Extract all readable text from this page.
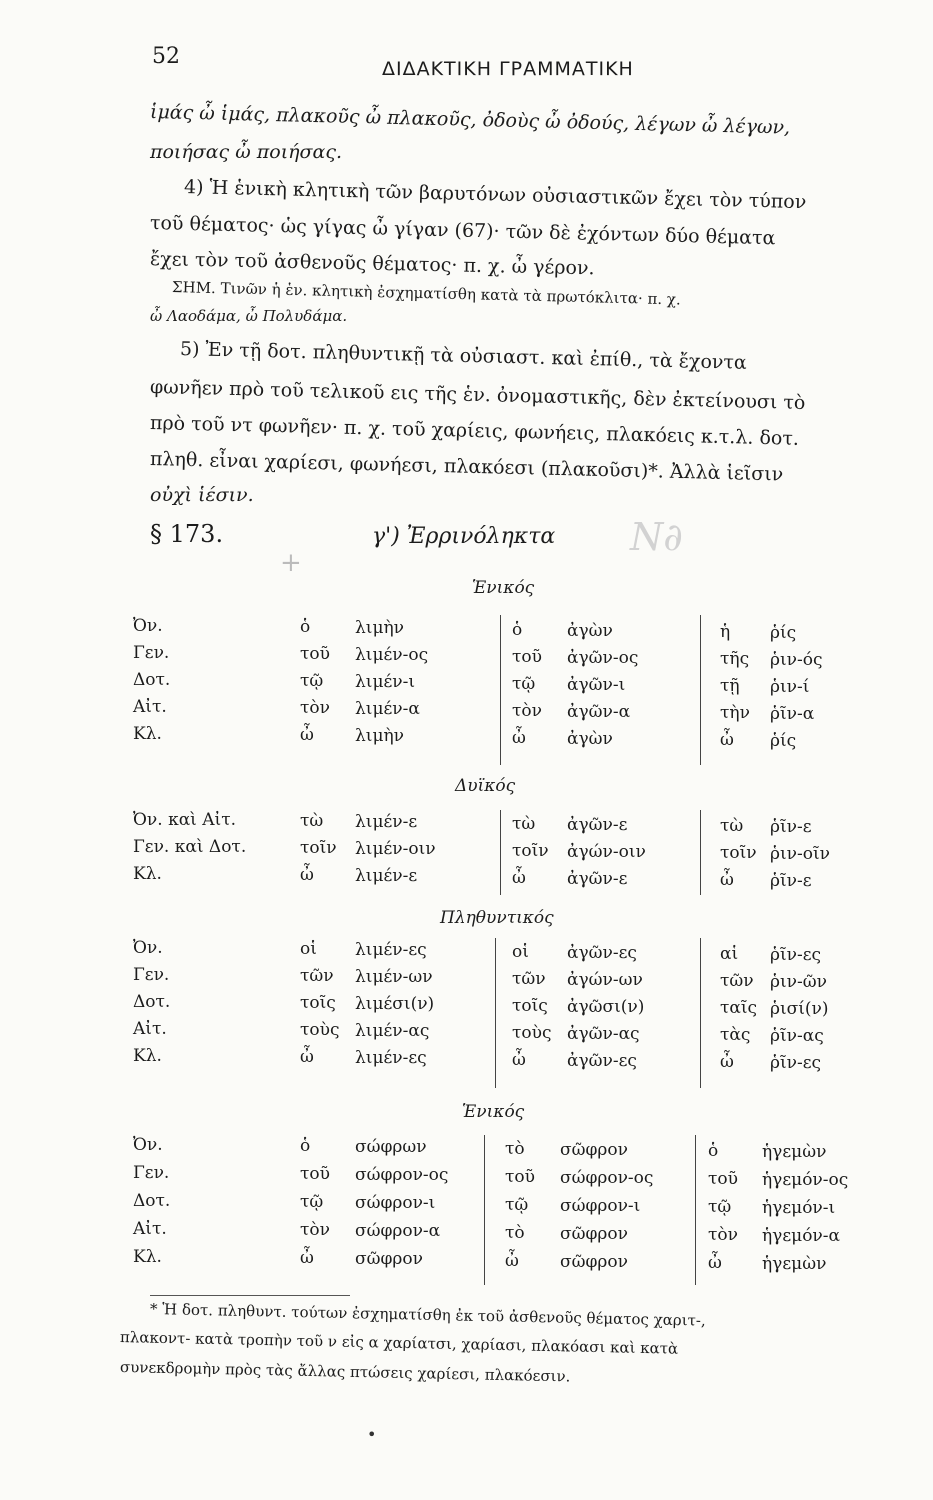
52	ΔΙΔΑΚΤΙΚΗ ΓΡΑΜΜΑΤΙΚΗ
ἱμάς ὦ ἱμάς, πλακοῦς ὦ πλακοῦς, ὀδοὺς ὦ ὀδούς, λέγων ὦ λέγων,
ποιήσας ὦ ποιήσας.
4) Ἡ ἑνικὴ κλητικὴ τῶν βαρυτόνων οὐσιαστικῶν ἔχει τὸν τύπον
τοῦ θέματος· ὡς γίγας ὦ γίγαν (67)· τῶν δὲ ἐχόντων δύο θέματα
ἔχει τὸν τοῦ ἀσθενοῦς θέματος· π. χ. ὦ γέρον.
ΣΗΜ. Τινῶν ἡ ἑν. κλητικὴ ἐσχηματίσθη κατὰ τὰ πρωτόκλιτα· π. χ.
ὦ Λαοδάμα, ὦ Πολυδάμα.
5) Ἐν τῇ δοτ. πληθυντικῇ τὰ οὐσιαστ. καὶ ἐπίθ., τὰ ἔχοντα
φωνῆεν πρὸ τοῦ τελικοῦ εις τῆς ἑν. ὀνομαστικῆς, δὲν ἐκτείνουσι τὸ
πρὸ τοῦ ντ φωνῆεν· π. χ. τοῦ χαρίεις, φωνήεις, πλακόεις κ.τ.λ. δοτ.
πληθ. εἶναι χαρίεσι, φωνήεσι, πλακόεσι (πλακοῦσι)*. Ἀλλὰ ἱεῖσιν
οὐχὶ ἱέσιν.
Ν∂
+
§ 173.	γ') Ἐρρινόληκτα
Ἑνικός
Δυϊκός
Πληθυντικός
Ἑνικός
Ὀν.	ὁ	λιμὴν	ὁ	ἀγὼν	ἡ ῥίς
Γεν.	τοῦ λιμέν-ος	τοῦ ἀγῶν-ος	τῆς ῥιν-ός
Δοτ.	τῷ λιμέν-ι	τῷ ἀγῶν-ι	τῇ ῥιν-ί
Αἰτ.	τὸν λιμέν-α	τὸν ἀγῶν-α	τὴν ῥῖν-α
Κλ.	ὦ λιμὴν	ὦ ἀγὼν	ὦ ῥίς
Ὀν. καὶ Αἰτ.	τὼ λιμέν-ε	τὼ ἀγῶν-ε	τὼ ῥῖν-ε
Γεν. καὶ Δοτ.	τοῖν λιμέν-οιν	τοῖν ἀγών-οιν	τοῖν ῥιν-οῖν
Κλ.	ὦ λιμέν-ε	ὦ ἀγῶν-ε	ὦ ῥῖν-ε
Ὀν.	οἱ λιμέν-ες	οἱ ἀγῶν-ες	αἱ ῥῖν-ες
Γεν.	τῶν λιμέν-ων	τῶν ἀγών-ων	τῶν ῥιν-ῶν
Δοτ.	τοῖς λιμέσι(ν)	τοῖς ἀγῶσι(ν)	ταῖς ῥισί(ν)
Αἰτ.	τοὺς λιμέν-ας	τοὺς ἀγῶν-ας	τὰς ῥῖν-ας
Κλ.	ὦ λιμέν-ες	ὦ ἀγῶν-ες	ὦ ῥῖν-ες
Ὀν.	ὁ	σώφρων	τὸ σῶφρον	ὁ	ἡγεμὼν
Γεν.	τοῦ σώφρον-ος	τοῦ σώφρον-ος	τοῦ ἡγεμόν-ος
Δοτ.	τῷ σώφρον-ι	τῷ σώφρον-ι	τῷ ἡγεμόν-ι
Αἰτ.	τὸν σώφρον-α	τὸ σῶφρον	τὸν ἡγεμόν-α
Κλ.	ὦ σῶφρον	ὦ σῶφρον	ὦ ἡγεμὼν
* Ἡ δοτ. πληθυντ. τούτων ἐσχηματίσθη ἐκ τοῦ ἀσθενοῦς θέματος χαριτ-,
πλακοντ- κατὰ τροπὴν τοῦ ν εἰς α χαρίατσι, χαρίασι, πλακόασι καὶ κατὰ
συνεκδρομὴν πρὸς τὰς ἄλλας πτώσεις χαρίεσι, πλακόεσιν.
•
